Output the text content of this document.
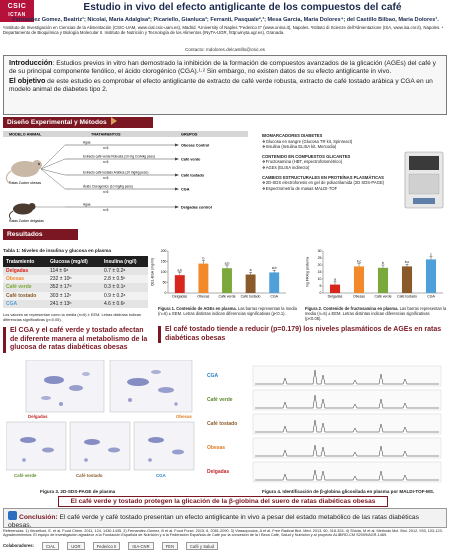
CSIC
ICTAN
Estudio in vivo del efecto antiglicante de los compuestos del café
Fernandez Gomez, Beatriz¹; Nicolai, Maria Adalgisa²; Picariello, Gianluca³; Ferranti, Pasquale²,³; Mesa Garcia, Maria Dolores⁴; del Castillo Bilbao, Maria Dolores¹.
¹Instituto de Investigación en Ciencias de la Alimentación (CSIC-UAM, www.cial.csic-uam.es), Madrid. ²University of Naples "Federico II" (www.unina.it), Napoles. ³Istituto di Scienze dell'Alimentazione (ISA, www.isa.cnr.it), Napoles. ⁴ Departamento de Bioquímica y Biología Molecular II. Instituto de Nutrición y Tecnología de los Alimentos (INyTA-UGR, http:winyta.ugr.es), Granada.
Contacto: mdolores.delcastillo@csic.es
Introducción: Estudios previos in vitro han demostrado la inhibición de la formación de compuestos avanzados de la glicación (AGEs) del café y de su principal componente fenólico, el ácido clorogénico (CGA).¹·² Sin embargo, no existen datos de su efecto antiglicante in vivo.
El objetivo de este estudio es comprobar el efecto antiglicante de extracto de café verde robusta, extracto de café tostado arábica y CGA en un modelo animal de diabetes tipo 2.
Diseño Experimental y Métodos
MODELO ANIMAL	TRATAMIENTOS	GRUPOS
Ratas Zucker obesas
Ratas Zucker delgadas
Agua
n=6
Obesas Control
Extracto café verde Robusta (10 mg CGA/kg peso)
n=6
Café verde
Extracto café tostado Arábica (10 mg/kg peso)
n=6
Café tostado
Ácido Clorogénico (10 mg/kg peso)
n=6
CGA
Agua
n=6
Delgadas control
BIOMARCADORES DIABETES
❖ Glucosa en sangre (Glucosa TR kit, Spinreact)
❖ Insulina (Insulina ELISA kit, Mercodia)
CONTENIDO EN COMPUESTOS GLICANTES
❖ Fructosamina (HBT, espectrofotométrico)
❖ AGEs (ELISA indirecto)
CAMBIOS ESTRUCTURALES EN PROTEÍNAS PLASMÁTICAS
❖ 2D-SDS electroforesis en gel de poliacrilamida (2D SDS-PAGE)
❖ Espectrometría de masas MALDI-TOF
Resultados
Tabla 1: Niveles de insulina y glucosa en plasma
Tratamiento	Glucosa (mg/dl)	Insulina (ng/l)
Delgadas	114 ± 6ᵃ	0.7 ± 0.2ᵃ
Obesas	232 ± 10ᵇ	2.8 ± 0.5ᵇ
Café verde	352 ± 17ᵈ	0.3 ± 0.1ᵃ
Café tostado	303 ± 12ᶜ	0.9 ± 0.2ᵃ
CGA	241 ± 13ᵇ	4.6 ± 0.6ᶜ
Los valores se representan como la media (n=6) ± EEM. Letras distintas indican diferencias significativas (p<0.05).
0
50
100
150
200
CEL-BSA (mg/ml)	a,b
Delgadas
b
Obesas
a,b
Café verde
a
Café tostado
a,b
CGA
0
5
10
15
20
25
30
mg FRA/g proteína	a
Delgadas
b,c
Obesas
b
Café verde
b,c
Café tostado
c
CGA
Figura 1. Contenido de AGEs en plasma. Las barras representan la media (n=6) ± EEM. Letras distintas indican diferencias significativas (p<0.1).
Figura 2. Contenido de fructosamina en plasma. Las barras representan la media (n=6) ± EEM. Letras distintas indican diferencias significativas (p<0.05).
El CGA y el café verde y tostado afectan de diferente manera al metabolismo de la glucosa de ratas diabéticas obesas
El café tostado tiende a reducir (p=0.179) los niveles plasmáticos de AGEs en ratas diabéticas obesas
Delgadas	Obesas
Café verde	Café tostado	CGA
Figura 3. 2D-SDS-PAGE de plasma
CGA
Café verde
Café tostado
Obesas
Delgadas
Figura 4. Identificación de β-globina glicosilada en plasma por MALDI-TOF-MS.
El café verde y tostado protegen la glicación de la β-globina del suero de ratas diabéticas obesas
Conclusión: El café verde y café tostado presentan un efecto antiglicante in vivo a pesar del estado metabólico de las ratas diabéticas obesas.
Referencias: 1) Verzelloni, E. et al. Food Chem. 2011, 124, 1430-1435. 2) Fernandez-Gomez, B et al. Food Funct. 2015, 6, 2081-2090. 3) Vlassopoulos, A et al. Free Radical Biol. Med. 2013, 60, 318-324. 4) Shiota, M et al. Methods Mol. Biol. 2012, 933, 103-123.
Agradecimientos: El equipo de investigación agradece a la Fundación Española de Nutrición y a la Federación Española de Café por la concesión de la I Beca Café, Salud y Nutrición y al proyecto ALIBIRD-CM S2009/AGR-1469.
Colaboradores:	CIAL	UGR	Federico II	ISA-CNR	FEN	Café y Salud
